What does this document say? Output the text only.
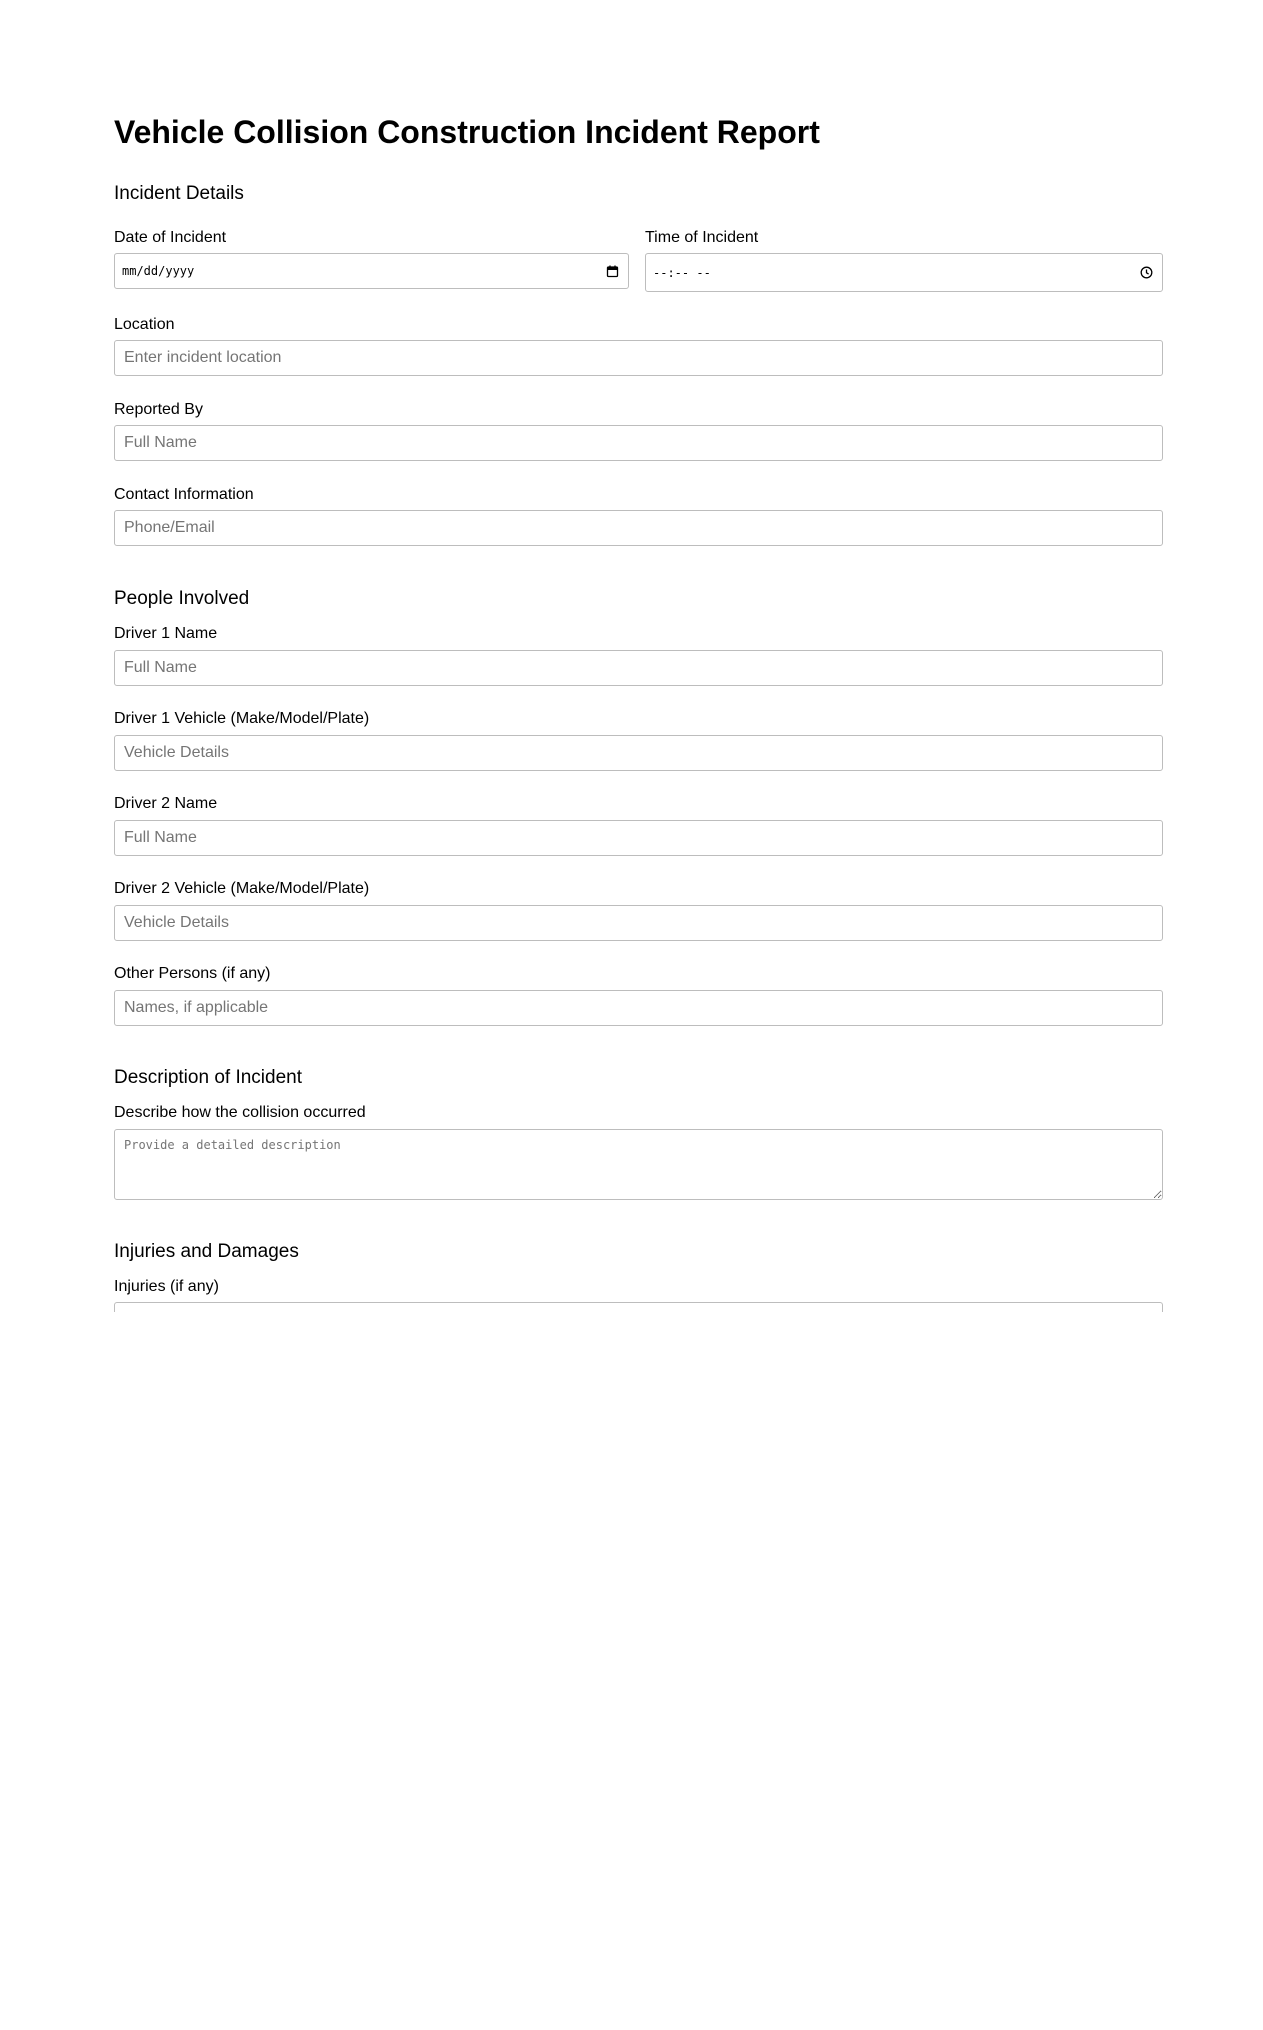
Vehicle Collision Construction Incident Report
Incident Details
Date of Incident
mm/dd/yyyy
Time of Incident
--:-- --
Location
Enter incident location
Reported By
Full Name
Contact Information
Phone/Email
People Involved
Driver 1 Name
Full Name
Driver 1 Vehicle (Make/Model/Plate)
Vehicle Details
Driver 2 Name
Full Name
Driver 2 Vehicle (Make/Model/Plate)
Vehicle Details
Other Persons (if any)
Names, if applicable
Description of Incident
Describe how the collision occurred
Provide a detailed description
Injuries and Damages
Injuries (if any)
